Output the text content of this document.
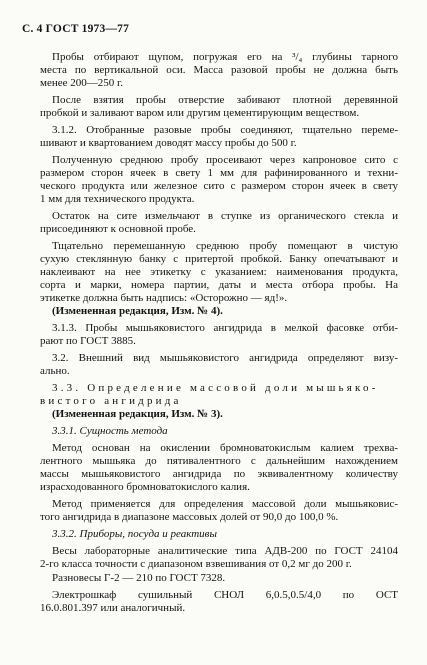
С. 4 ГОСТ 1973—77
Пробы отбирают щупом, погружая его на ³/₄ глубины тарного
места по вертикальной оси. Масса разовой пробы не должна быть
менее 200—250 г.
После взятия пробы отверстие забивают плотной деревянной
пробкой и заливают варом или другим цементирующим веществом.
3.1.2. Отобранные разовые пробы соединяют, тщательно переме-
шивают и квартованием доводят массу пробы до 500 г.
Полученную среднюю пробу просеивают через капроновое сито с
размером сторон ячеек в свету 1 мм для рафинированного и техни-
ческого продукта или железное сито с размером сторон ячеек в свету
1 мм для технического продукта.
Остаток на сите измельчают в ступке из органического стекла и
присоединяют к основной пробе.
Тщательно перемешанную среднюю пробу помещают в чистую
сухую стеклянную банку с притертой пробкой. Банку опечатывают и
наклеивают на нее этикетку с указанием: наименования продукта,
сорта и марки, номера партии, даты и места отбора пробы. На
этикетке должна быть надпись: «Осторожно — яд!».
(Измененная редакция, Изм. № 4).
3.1.3. Пробы мышьяковистого ангидрида в мелкой фасовке отби-
рают по ГОСТ 3885.
3.2. Внешний вид мышьяковистого ангидрида определяют визу-
ально.
3.3. Определение массовой доли мышьяко-
вистого ангидрида
(Измененная редакция, Изм. № 3).
3.3.1. Сущность метода
Метод основан на окислении бромноватокислым калием трехва-
лентного мышьяка до пятивалентного с дальнейшим нахождением
массы мышьяковистого ангидрида по эквивалентному количеству
израсходованного бромноватокислого калия.
Метод применяется для определения массовой доли мышьяковис-
того ангидрида в диапазоне массовых долей от 90,0 до 100,0 %.
3.3.2. Приборы, посуда и реактивы
Весы лабораторные аналитические типа АДВ-200 по ГОСТ 24104
2-го класса точности с диапазоном взвешивания от 0,2 мг до 200 г.
Разновесы Г-2 — 210 по ГОСТ 7328.
Электрошкаф сушильный СНОЛ 6,0.5,0.5/4,0 по ОСТ
16.0.801.397 или аналогичный.
